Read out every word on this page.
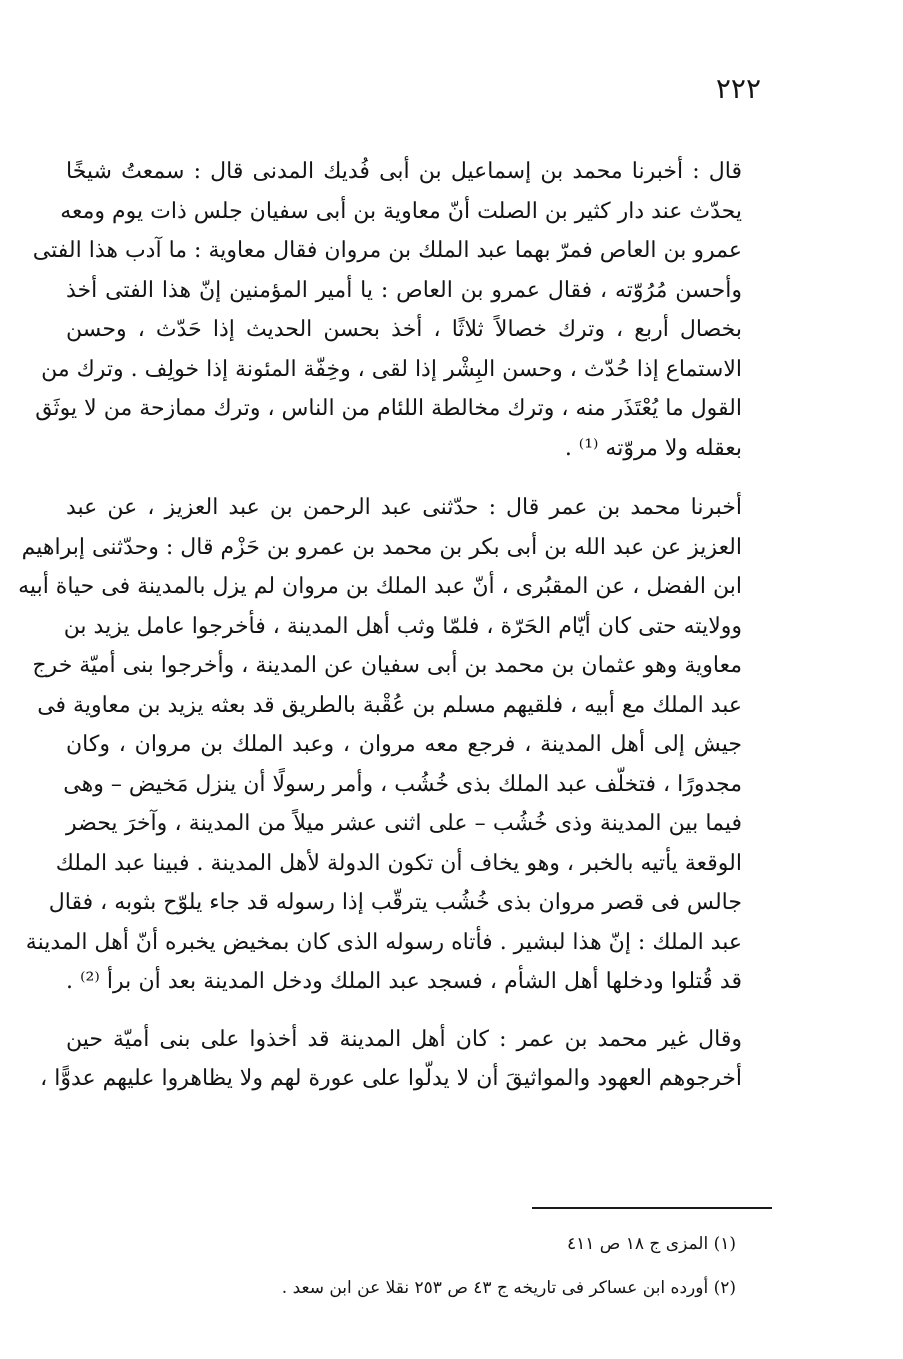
٢٢٢

قال : أخبرنا محمد بن إسماعيل بن أبى فُديك المدنى قال : سمعتُ شيخًا
يحدّث عند دار كثير بن الصلت أنّ معاوية بن أبى سفيان جلس ذات يوم ومعه
عمرو بن العاص فمرّ بهما عبد الملك بن مروان فقال معاوية : ما آدب هذا الفتى
وأحسن مُرُوّته ، فقال عمرو بن العاص : يا أمير المؤمنين إنّ هذا الفتى أخذ
بخصال أربع ، وترك خصالاً ثلاثًا ، أخذ بحسن الحديث إذا حَدّث ، وحسن
الاستماع إذا حُدّث ، وحسن البِشْر إذا لقى ، وخِفّة المئونة إذا خولِف . وترك من
القول ما يُعْتَذَر منه ، وترك مخالطة اللئام من الناس ، وترك ممازحة من لا يوثَق
بعقله ولا مروّته ⁽¹⁾ .

أخبرنا محمد بن عمر قال : حدّثنى عبد الرحمن بن عبد العزيز ، عن عبد
العزيز عن عبد الله بن أبى بكر بن محمد بن عمرو بن حَزْم قال : وحدّثنى إبراهيم
ابن الفضل ، عن المقبُرى ، أنّ عبد الملك بن مروان لم يزل بالمدينة فى حياة أبيه
وولايته حتى كان أيّام الحَرّة ، فلمّا وثب أهل المدينة ، فأخرجوا عامل يزيد بن
معاوية وهو عثمان بن محمد بن أبى سفيان عن المدينة ، وأخرجوا بنى أميّة خرج
عبد الملك مع أبيه ، فلقيهم مسلم بن عُقْبة بالطريق قد بعثه يزيد بن معاوية فى
جيش إلى أهل المدينة ، فرجع معه مروان ، وعبد الملك بن مروان ، وكان
مجدورًا ، فتخلّف عبد الملك بذى خُشُب ، وأمر رسولًا أن ينزل مَخيض – وهى
فيما بين المدينة وذى خُشُب – على اثنى عشر ميلاً من المدينة ، وآخرَ يحضر
الوقعة يأتيه بالخبر ، وهو يخاف أن تكون الدولة لأهل المدينة . فبينا عبد الملك
جالس فى قصر مروان بذى خُشُب يترقّب إذا رسوله قد جاء يلوّح بثوبه ، فقال
عبد الملك : إنّ هذا لبشير . فأتاه رسوله الذى كان بمخيض يخبره أنّ أهل المدينة
قد قُتلوا ودخلها أهل الشأم ، فسجد عبد الملك ودخل المدينة بعد أن برأ ⁽²⁾ .

وقال غير محمد بن عمر : كان أهل المدينة قد أخذوا على بنى أميّة حين
أخرجوهم العهود والمواثيقَ أن لا يدلّوا على عورة لهم ولا يظاهروا عليهم عدوًّا ،

(١) المزى ج ١٨ ص ٤١١
(٢) أورده ابن عساكر فى تاريخه ج ٤٣ ص ٢٥٣ نقلا عن ابن سعد .
